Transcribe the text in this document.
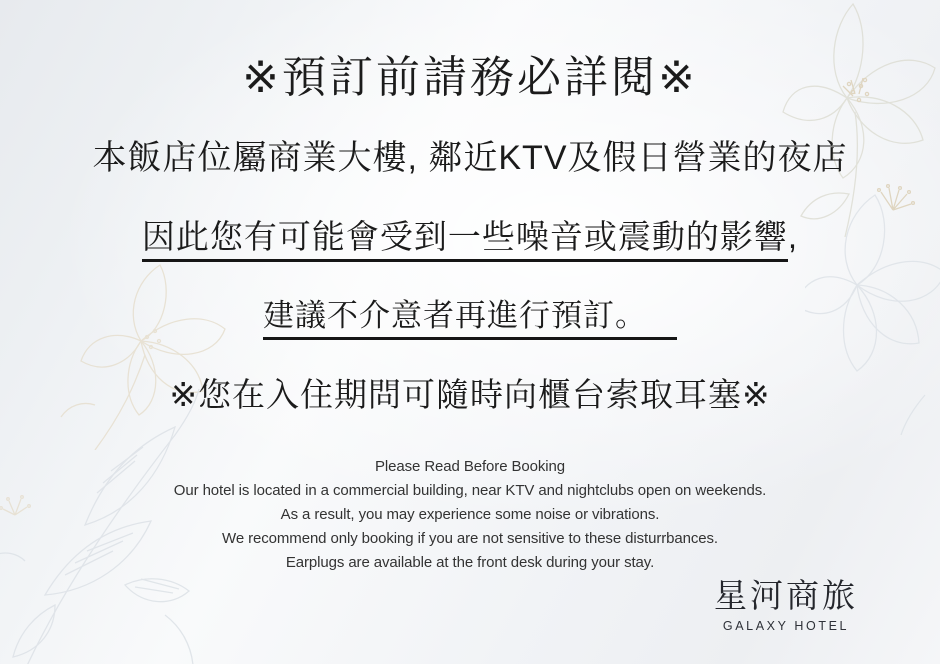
※預訂前請務必詳閱※
本飯店位屬商業大樓, 鄰近KTV及假日營業的夜店
因此您有可能會受到一些噪音或震動的影響,
建議不介意者再進行預訂。
※您在入住期問可隨時向櫃台索取耳塞※
Please Read Before Booking
Our hotel is located in a commercial building, near KTV and nightclubs open on weekends.
As a result, you may experience some noise or vibrations.
We recommend only booking if you are not sensitive to these disturrbances.
Earplugs are available at the front desk during your stay.
星河商旅
GALAXY HOTEL
